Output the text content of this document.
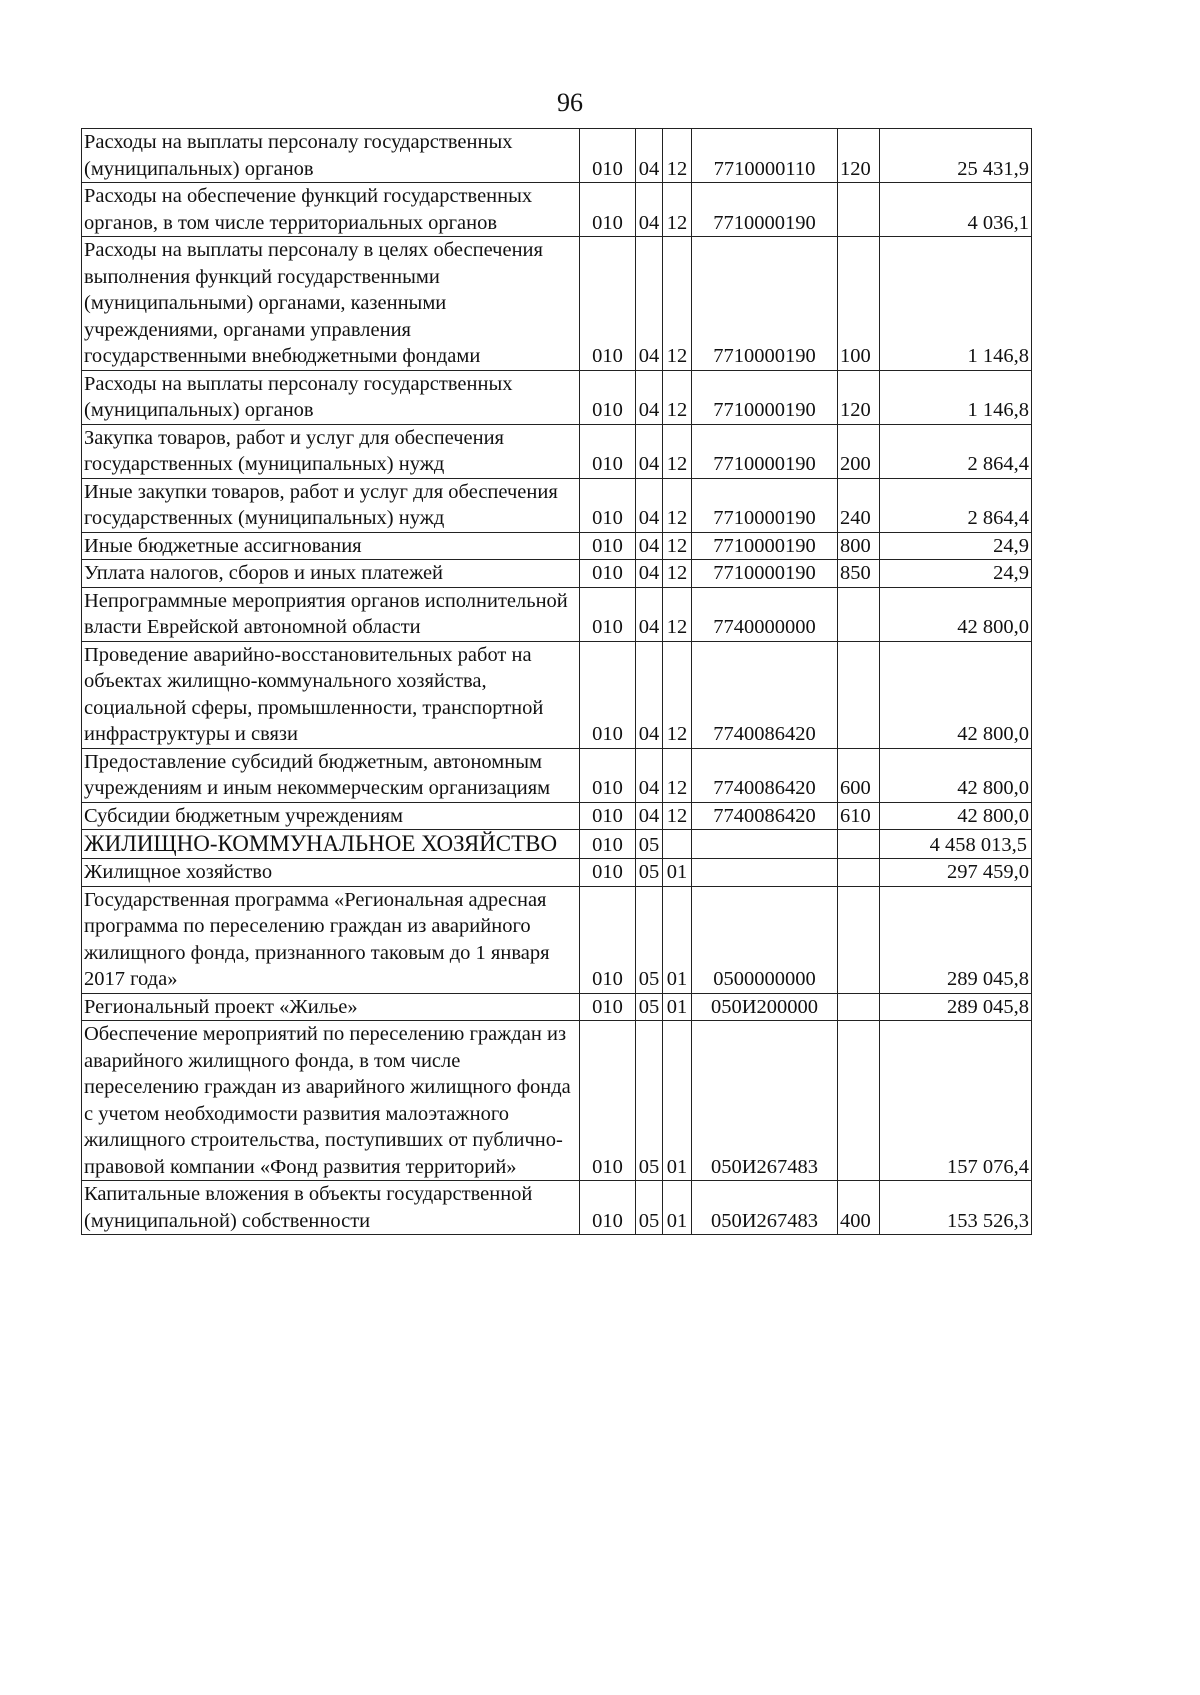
96
Расходы на выплаты персоналу государственных (муниципальных) органов	010	04	12	7710000110	120	25 431,9
Расходы на обеспечение функций государственных органов, в том числе территориальных органов	010	04	12	7710000190		4 036,1
Расходы на выплаты персоналу в целях обеспечения выполнения функций государственными (муниципальными) органами, казенными учреждениями, органами управления государственными внебюджетными фондами	010	04	12	7710000190	100	1 146,8
Расходы на выплаты персоналу государственных (муниципальных) органов	010	04	12	7710000190	120	1 146,8
Закупка товаров, работ и услуг для обеспечения государственных (муниципальных) нужд	010	04	12	7710000190	200	2 864,4
Иные закупки товаров, работ и услуг для обеспечения государственных (муниципальных) нужд	010	04	12	7710000190	240	2 864,4
Иные бюджетные ассигнования	010	04	12	7710000190	800	24,9
Уплата налогов, сборов и иных платежей	010	04	12	7710000190	850	24,9
Непрограммные мероприятия органов исполнительной власти Еврейской автономной области	010	04	12	7740000000		42 800,0
Проведение аварийно-восстановительных работ на объектах жилищно-коммунального хозяйства, социальной сферы, промышленности, транспортной инфраструктуры и связи	010	04	12	7740086420		42 800,0
Предоставление субсидий бюджетным, автономным учреждениям и иным некоммерческим организациям	010	04	12	7740086420	600	42 800,0
Субсидии бюджетным учреждениям	010	04	12	7740086420	610	42 800,0
ЖИЛИЩНО-КОММУНАЛЬНОЕ ХОЗЯЙСТВО	010	05				4 458 013,5
Жилищное хозяйство	010	05	01			297 459,0
Государственная программа «Региональная адресная программа по переселению граждан из аварийного жилищного фонда, признанного таковым до 1 января 2017 года»	010	05	01	0500000000		289 045,8
Региональный проект «Жилье»	010	05	01	050И200000		289 045,8
Обеспечение мероприятий по переселению граждан из аварийного жилищного фонда, в том числе переселению граждан из аварийного жилищного фонда с учетом необходимости развития малоэтажного жилищного строительства, поступивших от публично-правовой компании «Фонд развития территорий»	010	05	01	050И267483		157 076,4
Капитальные вложения в объекты государственной (муниципальной) собственности	010	05	01	050И267483	400	153 526,3
